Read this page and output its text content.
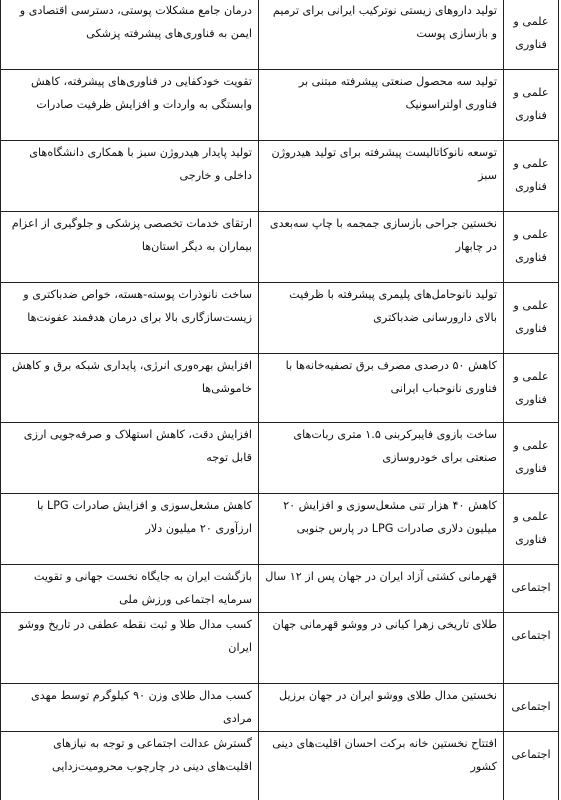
علمی و فناوری	تولید داروهای زیستی نوترکیب ایرانی برای ترمیم و بازسازی پوست	درمان جامع مشکلات پوستی، دسترسی اقتصادی و ایمن به فناوری‌های پیشرفته پزشکی

علمی و فناوری	تولید سه محصول صنعتی پیشرفته مبتنی بر فناوری اولتراسونیک	تقویت خودکفایی در فناوری‌های پیشرفته، کاهش وابستگی به واردات و افزایش ظرفیت صادرات

علمی و فناوری	توسعه نانوکاتالیست پیشرفته برای تولید هیدروژن سبز	تولید پایدار هیدروژن سبز با همکاری دانشگاه‌های داخلی و خارجی

علمی و فناوری	نخستین جراحی بازسازی جمجمه با چاپ سه‌بعدی در چابهار	ارتقای خدمات تخصصی پزشکی و جلوگیری از اعزام بیماران به دیگر استان‌ها

علمی و فناوری	تولید نانوحامل‌های پلیمری پیشرفته با ظرفیت بالای دارورسانی ضدباکتری	ساخت نانوذرات پوسته-هسته، خواص ضدباکتری و زیست‌سازگاری بالا برای درمان هدفمند عفونت‌ها

علمی و فناوری	کاهش ۵۰ درصدی مصرف برق تصفیه‌خانه‌ها با فناوری نانوحباب ایرانی	افزایش بهره‌وری انرژی، پایداری شبکه برق و کاهش خاموشی‌ها

علمی و فناوری	ساخت بازوی فایبرکربنی ۱.۵ متری ربات‌های صنعتی برای خودروسازی	افزایش دقت، کاهش استهلاک و صرفه‌جویی ارزی قابل توجه

علمی و فناوری	کاهش ۴۰ هزار تنی مشعل‌سوزی و افزایش ۲۰ میلیون دلاری صادرات LPG در پارس جنوبی	کاهش مشعل‌سوزی و افزایش صادرات LPG با ارزآوری ۲۰ میلیون دلار

اجتماعی	قهرمانی کشتی آزاد ایران در جهان پس از ۱۲ سال	بازگشت ایران به جایگاه نخست جهانی و تقویت سرمایه اجتماعی ورزش ملی

اجتماعی	طلای تاریخی زهرا کیانی در ووشو قهرمانی جهان	کسب مدال طلا و ثبت نقطه عطفی در تاریخ ووشو ایران

اجتماعی	نخستین مدال طلای ووشو ایران در جهان برزیل	کسب مدال طلای وزن ۹۰ کیلوگرم توسط مهدی مرادی

اجتماعی	افتتاح نخستین خانه برکت احسان اقلیت‌های دینی کشور	گسترش عدالت اجتماعی و توجه به نیازهای اقلیت‌های دینی در چارچوب محرومیت‌زدایی
